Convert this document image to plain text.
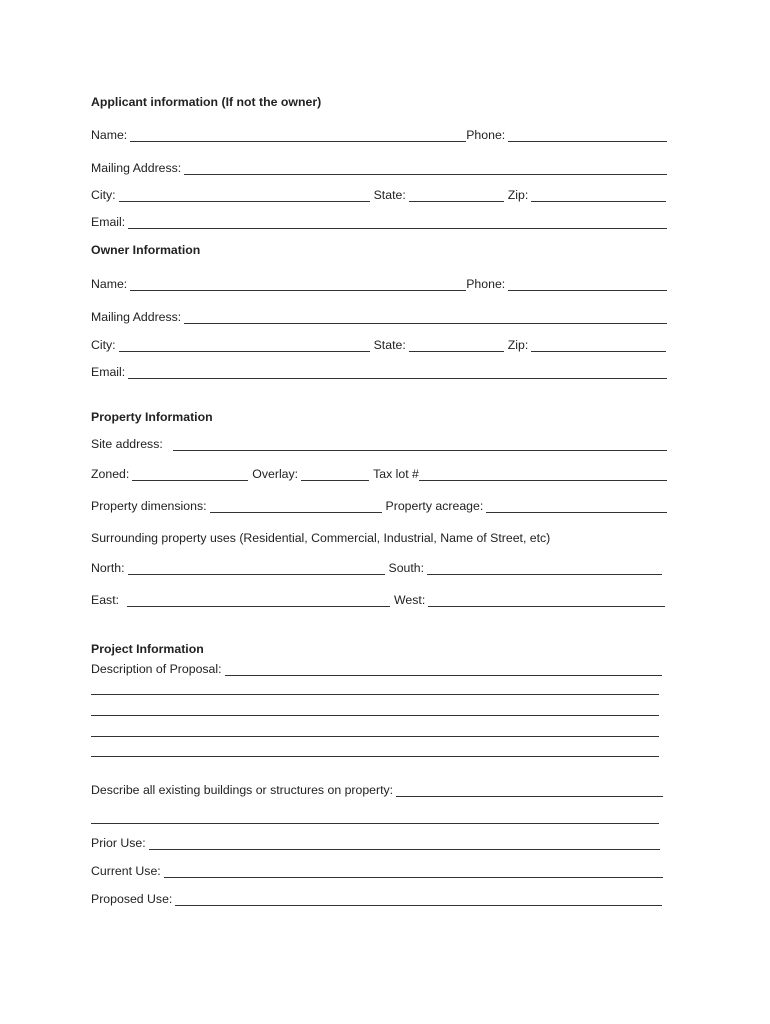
Applicant information (If not the owner)
Name:	Phone:
Mailing Address:
City:	State:	Zip:
Email:
Owner Information
Name:	Phone:
Mailing Address:
City:	State:	Zip:
Email:
Property Information
Site address:
Zoned:	Overlay:	Tax lot #
Property dimensions:	Property acreage:
Surrounding property uses (Residential, Commercial, Industrial, Name of Street, etc)
North:	South:
East:	West:
Project Information
Description of Proposal:
Describe all existing buildings or structures on property:
Prior Use:
Current Use:
Proposed Use:
